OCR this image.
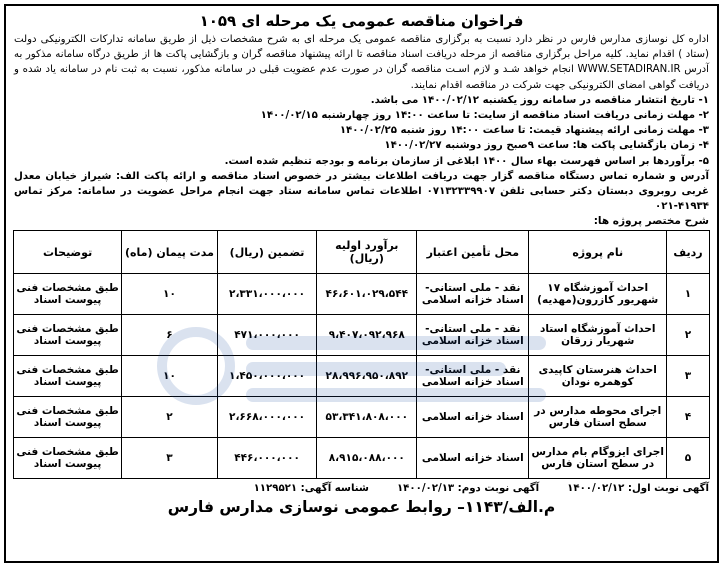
فراخوان مناقصه عمومی یک مرحله ای ۱۰۵۹
اداره کل نوسازی مدارس فارس در نظر دارد نسبت به برگزاری مناقصه عمومی یک مرحله ای به شرح مشخصات ذیل از طریق سامانه تدارکات الکترونیکی دولت (ستاد ) اقدام نماید. کلیه مراحل برگزاری مناقصه از مرحله دریافت اسناد مناقصه تا ارائه پیشنهاد مناقصه گران و بازگشایی پاکت ها از طریق درگاه سامانه مذکور به آدرس WWW.SETADIRAN.IR انجام خواهد شـد و لازم اسـت مناقصه گران در صورت عدم عضویت قبلی در سامانه مذکور، نسبت به ثبت نام در سامانه یاد شده و دریافت گواهی امضای الکترونیکی جهت شرکت در مناقصه اقدام نمایند.
۱- تاریخ انتشار مناقصه در سامانه روز یکشنبه ۱۴۰۰/۰۲/۱۲ می باشد.
۲- مهلت زمانی دریافت اسناد مناقصه از سایت: تا ساعت ۱۴:۰۰ روز چهارشنبه ۱۴۰۰/۰۲/۱۵
۳- مهلت زمانی ارائه پیشنهاد قیمت: تا ساعت ۱۴:۰۰ روز شنبه ۱۴۰۰/۰۲/۲۵
۴- زمان بازگشایی پاکت ها: ساعت ۹صبح روز دوشنبه ۱۴۰۰/۰۲/۲۷
۵- برآوردها بر اساس فهرست بهاء سال ۱۴۰۰ ابلاغی از سازمان برنامه و بودجه تنظیم شده است.
آدرس و شماره تماس دستگاه مناقصه گزار جهت دریافت اطلاعات بیشتر در خصوص اسناد مناقصه و ارائه پاکت الف: شیراز خیابان معدل غربی روبروی دبستان دکتر حسابی تلفن ۰۷۱۳۲۳۳۹۹۰۷ اطلاعات تماس سامانه ستاد جهت انجام مراحل عضویت در سامانه: مرکز تماس ۴۱۹۳۴-۰۲۱
شرح مختصر پروژه ها:
ردیف	نام پروژه	محل تأمین اعتبار	برآورد اولیه (ریال)	تضمین (ریال)	مدت پیمان (ماه)	توضیحات
۱	احداث آموزشگاه ۱۷ شهریور کازرون(مهدیه)	نقد - ملی استانی- اسناد خزانه اسلامی	۴۶،۶۰۱،۰۲۹،۵۴۴	۲،۳۳۱،۰۰۰،۰۰۰	۱۰	طبق مشخصات فنی پیوست اسناد
۲	احداث آموزشگاه استاد شهریار زرقان	نقد - ملی استانی- اسناد خزانه اسلامی	۹،۴۰۷،۰۹۲،۹۶۸	۴۷۱،۰۰۰،۰۰۰	۶	طبق مشخصات فنی پیوست اسناد
۳	احداث هنرستان کاپیدی کوهمره نودان	نقد - ملی استانی- اسناد خزانه اسلامی	۲۸،۹۹۶،۹۵۰،۸۹۲	۱،۴۵۰،۰۰۰،۰۰۰	۱۰	طبق مشخصات فنی پیوست اسناد
۴	اجرای محوطه مدارس در سطح استان فارس	اسناد خزانه اسلامی	۵۳،۳۴۱،۸۰۸،۰۰۰	۲،۶۶۸،۰۰۰،۰۰۰	۲	طبق مشخصات فنی پیوست اسناد
۵	اجرای ایزوگام بام مدارس در سطح استان فارس	اسناد خزانه اسلامی	۸،۹۱۵،۰۸۸،۰۰۰	۴۴۶،۰۰۰،۰۰۰	۳	طبق مشخصات فنی پیوست اسناد
آگهی نوبت اول: ۱۴۰۰/۰۲/۱۲
آگهی نوبت دوم: ۱۴۰۰/۰۲/۱۳
شناسه آگهی: ۱۱۲۹۵۲۱
م.الف/۱۱۴۳– روابط عمومی نوسازی مدارس فارس
